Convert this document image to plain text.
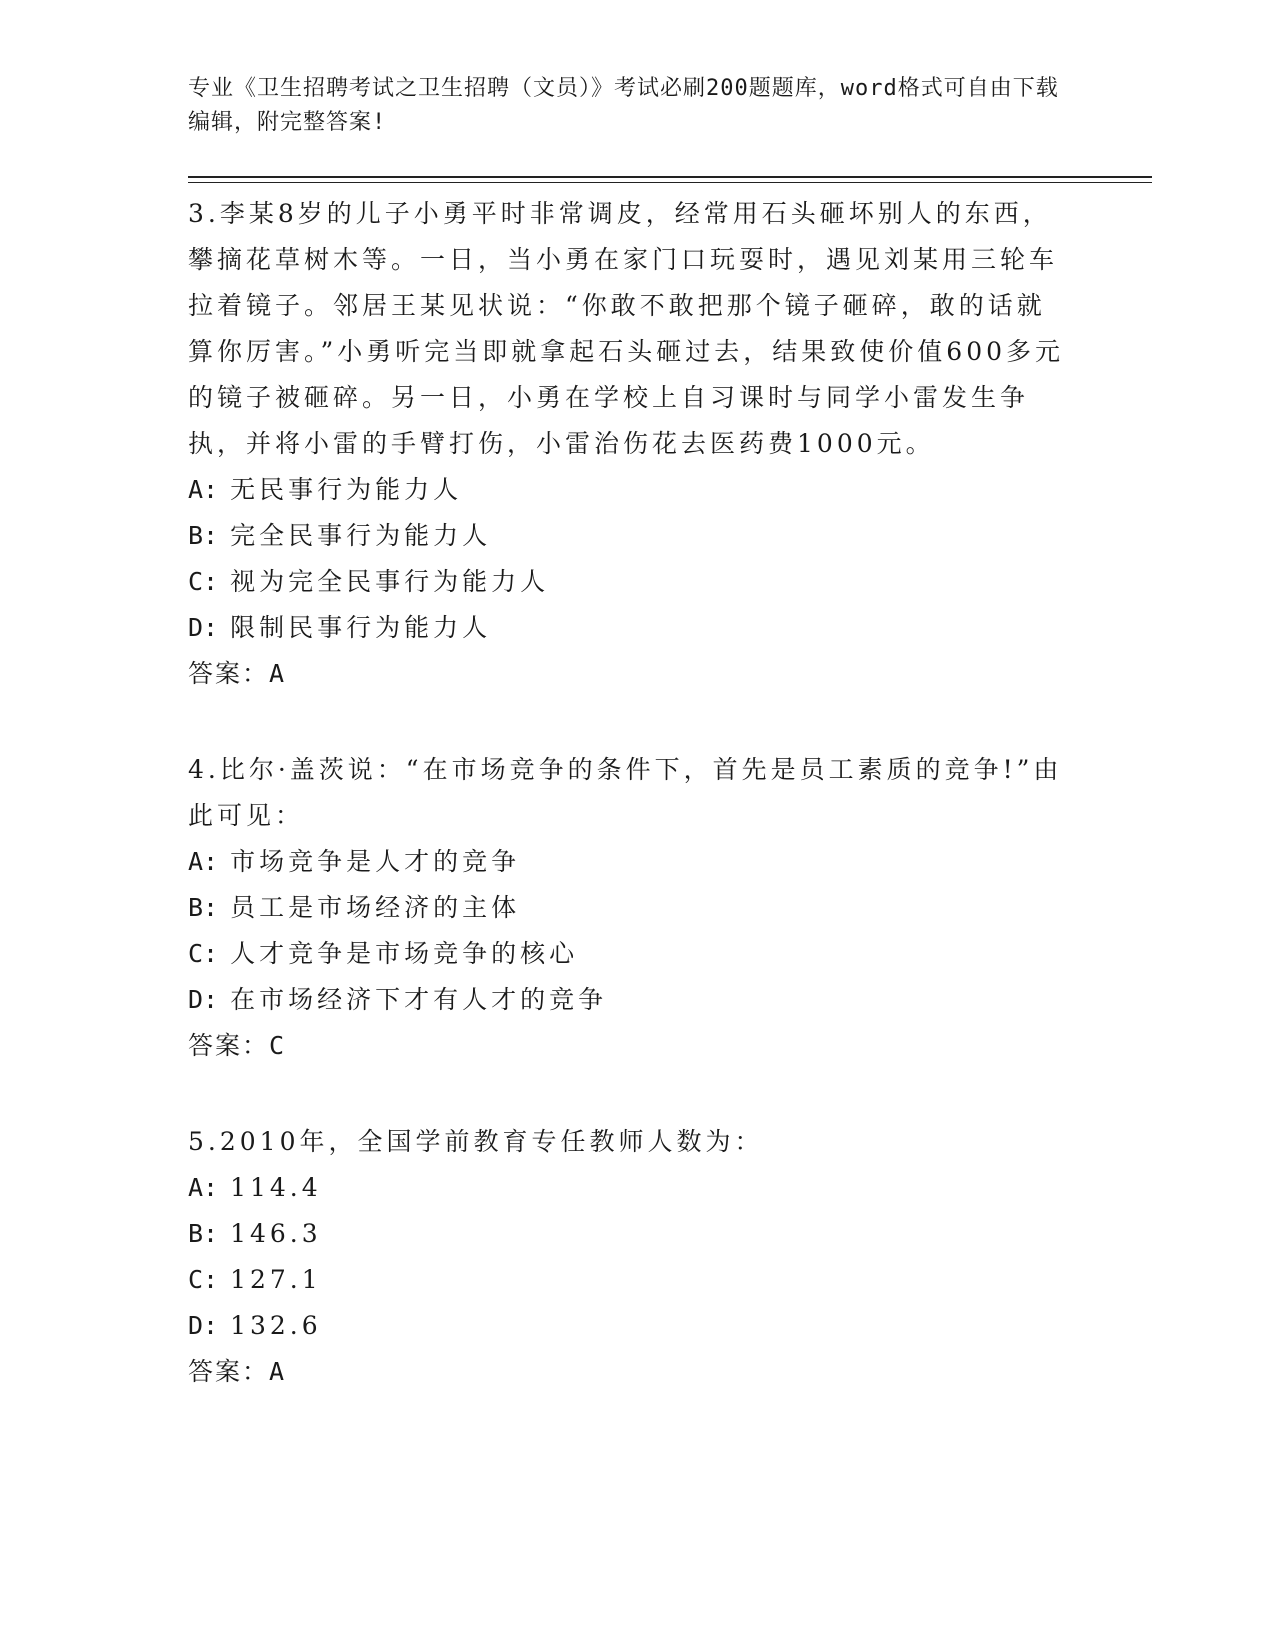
专业《卫生招聘考试之卫生招聘（文员）》考试必刷200题题库，word格式可自由下载编辑，附完整答案!

3.李某8岁的儿子小勇平时非常调皮，经常用石头砸坏别人的东西，攀摘花草树木等。一日，当小勇在家门口玩耍时，遇见刘某用三轮车拉着镜子。邻居王某见状说：“你敢不敢把那个镜子砸碎，敢的话就算你厉害。”小勇听完当即就拿起石头砸过去，结果致使价值600多元的镜子被砸碎。另一日，小勇在学校上自习课时与同学小雷发生争执，并将小雷的手臂打伤，小雷治伤花去医药费1000元。

A: 无民事行为能力人

B: 完全民事行为能力人

C: 视为完全民事行为能力人

D: 限制民事行为能力人

答案：A

4.比尔·盖茨说：“在市场竞争的条件下，首先是员工素质的竞争!”由此可见：

A: 市场竞争是人才的竞争

B: 员工是市场经济的主体

C: 人才竞争是市场竞争的核心

D: 在市场经济下才有人才的竞争

答案：C

5.2010年，全国学前教育专任教师人数为：

A: 114.4

B: 146.3

C: 127.1

D: 132.6

答案：A
